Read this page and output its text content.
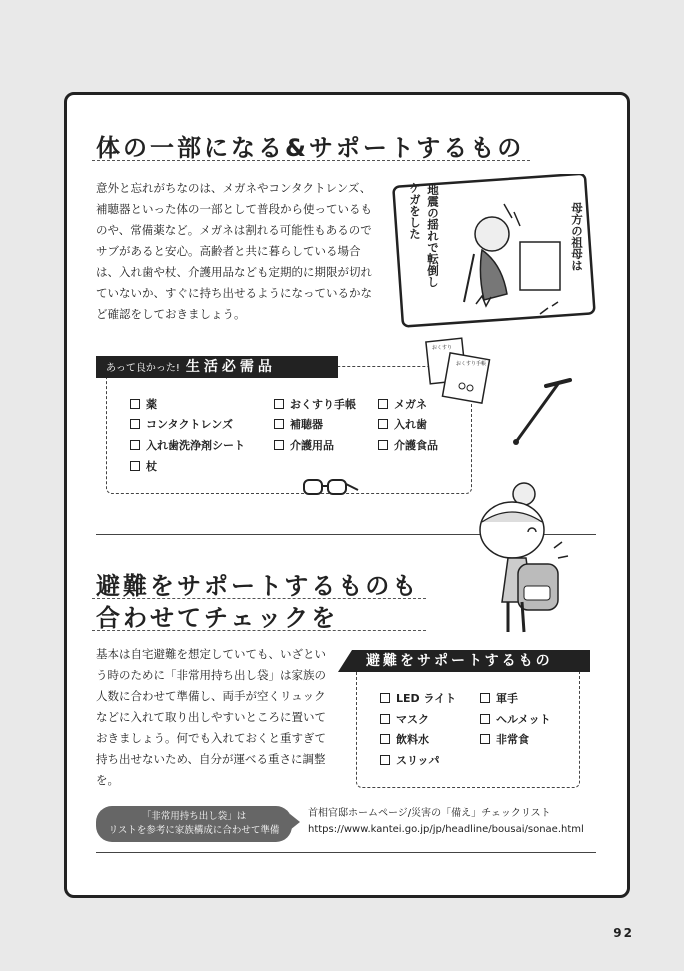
体の一部になる&サポートするもの
意外と忘れがちなのは、メガネやコンタクトレンズ、補聴器といった体の一部として普段から使っているものや、常備薬など。メガネは割れる可能性もあるのでサブがあると安心。高齢者と共に暮らしている場合は、入れ歯や杖、介護用品なども定期的に期限が切れていないか、すぐに持ち出せるようになっているかなど確認をしておきましょう。
母方の祖母は
地震の揺れで転倒し
ケガをした
あって良かった! 生活必需品
薬
コンタクトレンズ
入れ歯洗浄剤シート
杖
おくすり手帳
補聴器
介護用品
メガネ
入れ歯
介護食品
おくすり
おくすり手帳
避難をサポートするものも
合わせてチェックを
基本は自宅避難を想定していても、いざという時のために「非常用持ち出し袋」は家族の人数に合わせて準備し、両手が空くリュックなどに入れて取り出しやすいところに置いておきましょう。何でも入れておくと重すぎて持ち出せないため、自分が運べる重さに調整を。
避難をサポートするもの
LED ライト
マスク
飲料水
スリッパ
軍手
ヘルメット
非常食
「非常用持ち出し袋」は
リストを参考に家族構成に合わせて準備
首相官邸ホームページ/災害の「備え」チェックリスト
https://www.kantei.go.jp/jp/headline/bousai/sonae.html
92
